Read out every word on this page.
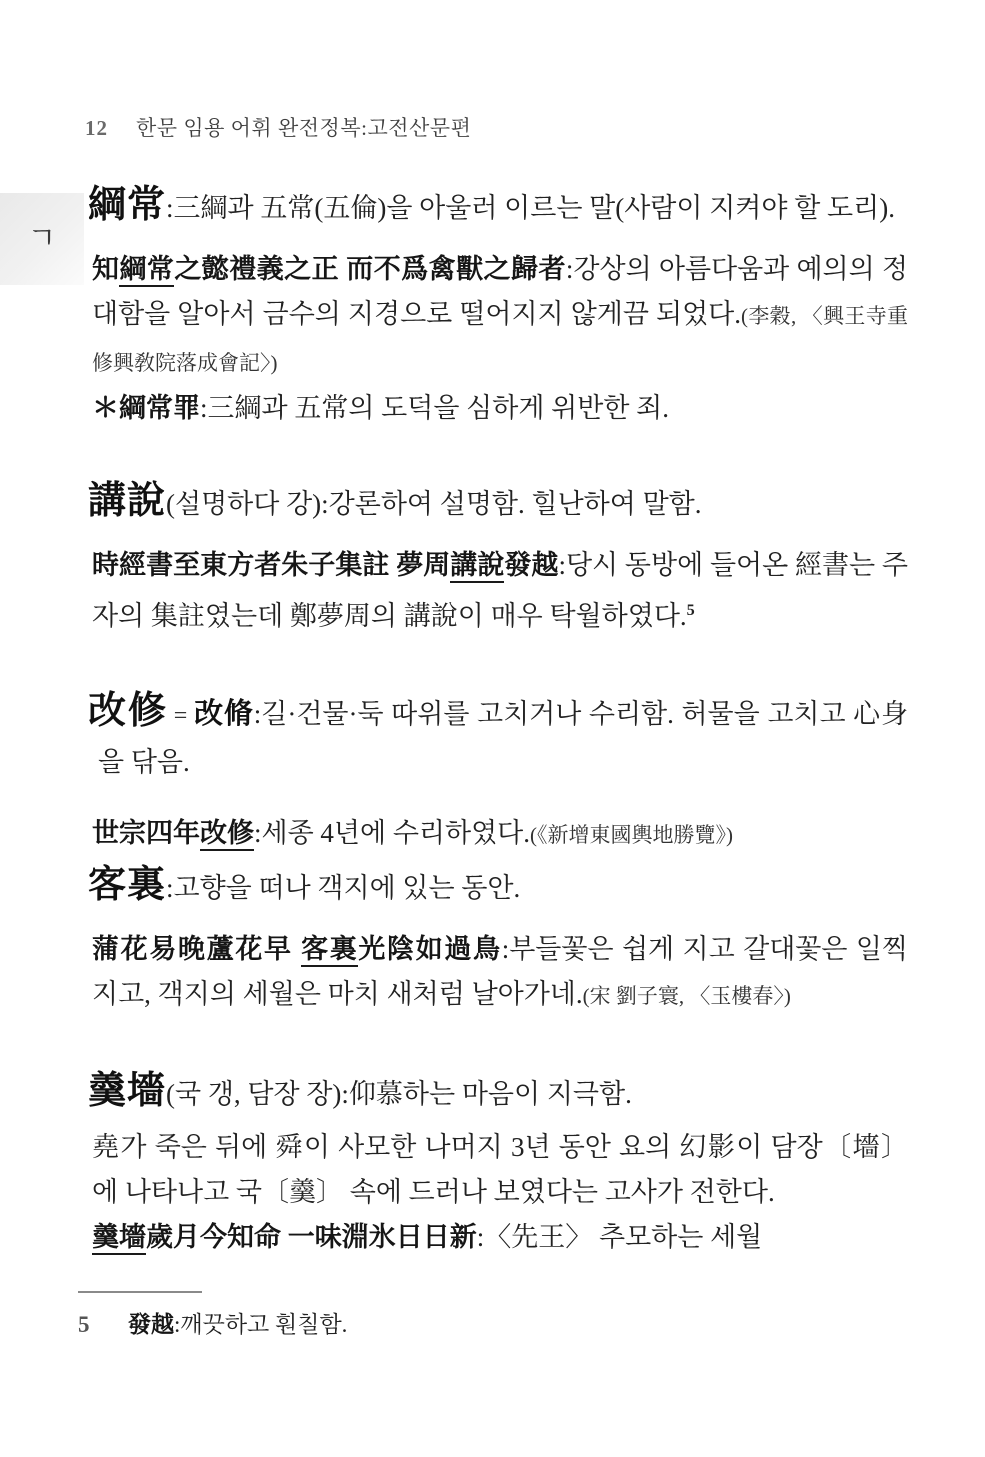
12 한문 임용 어휘 완전정복:고전산문편
ㄱ
綱常:三綱과 五常(五倫)을 아울러 이르는 말(사람이 지켜야 할 도리).
知綱常之懿禮義之正 而不爲禽獸之歸者:강상의 아름다움과 예의의 정대함을 알아서 금수의 지경으로 떨어지지 않게끔 되었다.(李穀, 〈興王寺重修興敎院落成會記〉)
＊綱常罪:三綱과 五常의 도덕을 심하게 위반한 죄.
講說(설명하다 강):강론하여 설명함. 힐난하여 말함.
時經書至東方者朱子集註 夢周講說發越:당시 동방에 들어온 經書는 주자의 集註였는데 鄭夢周의 講說이 매우 탁월하였다.$^5$
改修 = 改脩:길·건물·둑 따위를 고치거나 수리함. 허물을 고치고 心身을 닦음.
世宗四年改修:세종 4년에 수리하였다.(《新增東國輿地勝覽》)
客裏:고향을 떠나 객지에 있는 동안.
蒲花易晚蘆花早 客裏光陰如過鳥:부들꽃은 쉽게 지고 갈대꽃은 일찍 지고, 객지의 세월은 마치 새처럼 날아가네.(宋 劉子寰, 〈玉樓春〉)
羹墻(국 갱, 담장 장):仰慕하는 마음이 지극함.
堯가 죽은 뒤에 舜이 사모한 나머지 3년 동안 요의 幻影이 담장〔墻〕에 나타나고 국〔羹〕 속에 드러나 보였다는 고사가 전한다.
羹墻歲月今知命 一味淵氷日日新:〈先王〉 추모하는 세월
5 發越:깨끗하고 훤칠함.
